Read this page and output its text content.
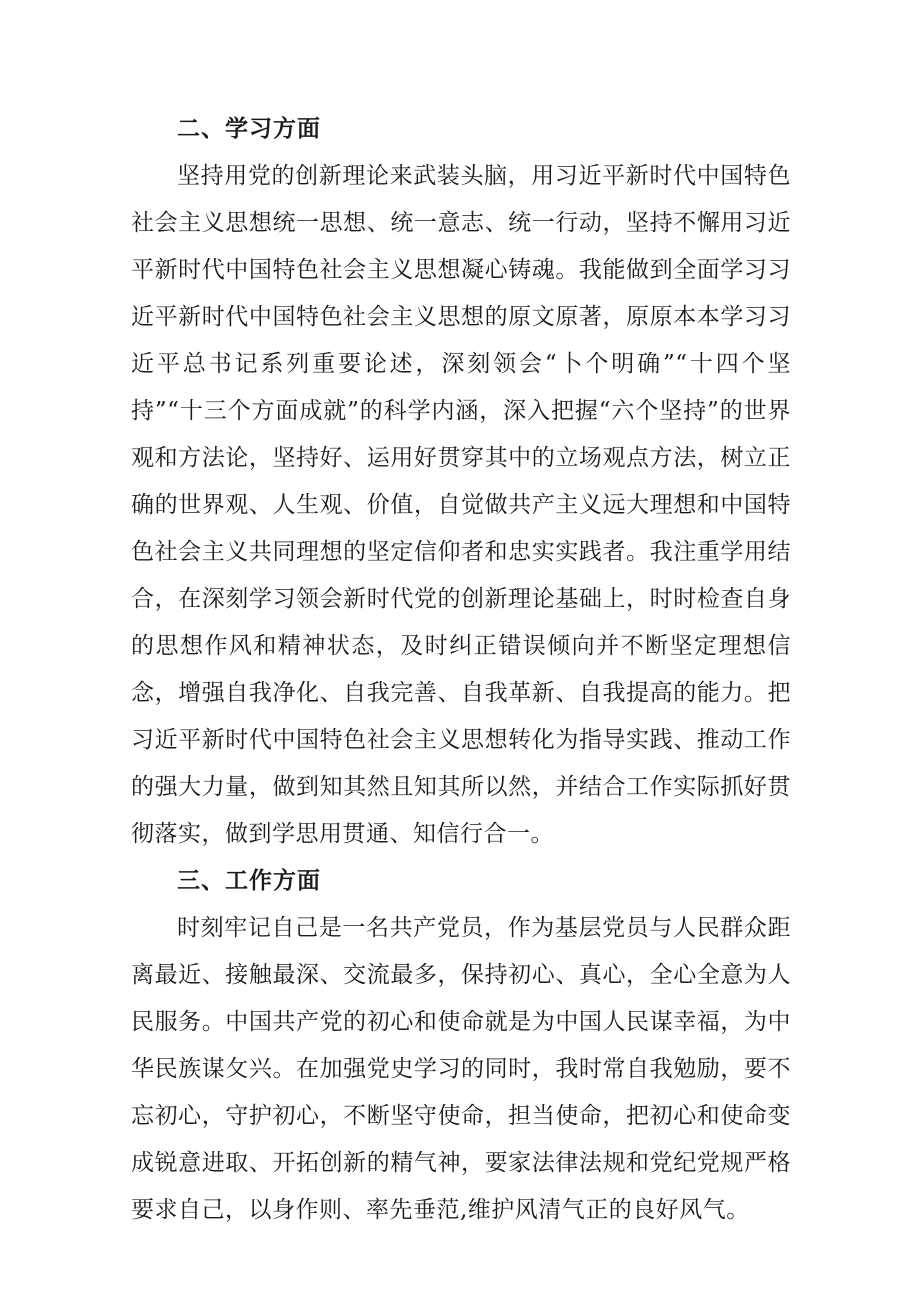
二、学习方面

坚持用党的创新理论来武装头脑，用习近平新时代中国特色社会主义思想统一思想、统一意志、统一行动，坚持不懈用习近平新时代中国特色社会主义思想凝心铸魂。我能做到全面学习习近平新时代中国特色社会主义思想的原文原著，原原本本学习习近平总书记系列重要论述，深刻领会“卜个明确”“十四个坚持”“十三个方面成就”的科学内涵，深入把握“六个坚持”的世界观和方法论，坚持好、运用好贯穿其中的立场观点方法，树立正确的世界观、人生观、价值，自觉做共产主义远大理想和中国特色社会主义共同理想的坚定信仰者和忠实实践者。我注重学用结合，在深刻学习领会新时代党的创新理论基础上，时时检查自身的思想作风和精神状态，及时纠正错误倾向并不断坚定理想信念，增强自我净化、自我完善、自我革新、自我提高的能力。把习近平新时代中国特色社会主义思想转化为指导实践、推动工作的强大力量，做到知其然且知其所以然，并结合工作实际抓好贯彻落实，做到学思用贯通、知信行合一。

三、工作方面

时刻牢记自己是一名共产党员，作为基层党员与人民群众距离最近、接触最深、交流最多，保持初心、真心，全心全意为人民服务。中国共产党的初心和使命就是为中国人民谋幸福，为中华民族谋攵兴。在加强党史学习的同时，我时常自我勉励，要不忘初心，守护初心，不断坚守使命，担当使命，把初心和使命变成锐意进取、开拓创新的精气神，要家法律法规和党纪党规严格要求自己，以身作则、率先垂范,维护风清气正的良好风气。
